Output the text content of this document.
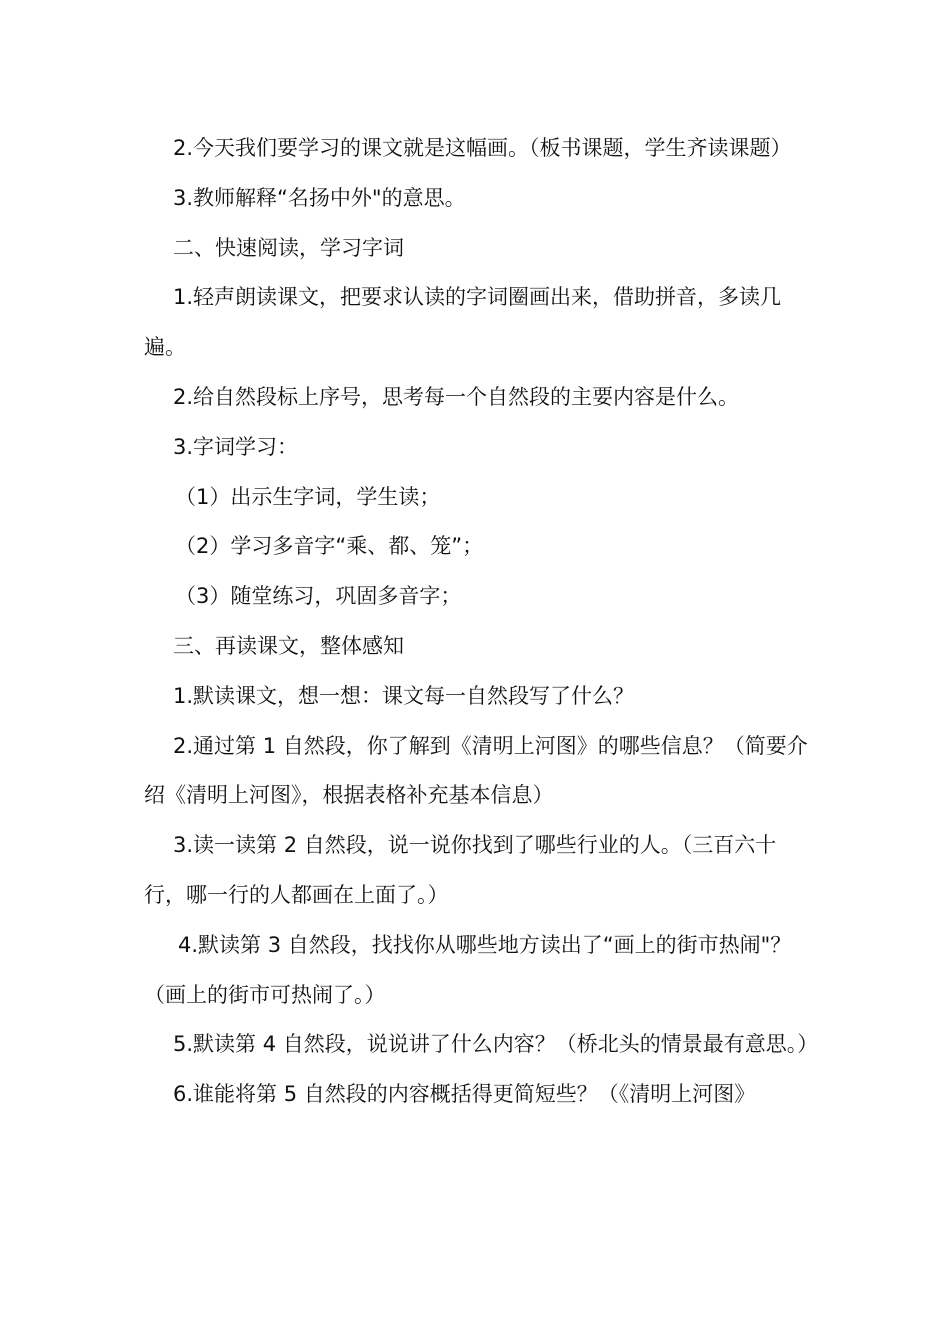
2.今天我们要学习的课文就是这幅画。（板书课题，学生齐读课题）

3.教师解释“名扬中外"的意思。

二、快速阅读，学习字词

1.轻声朗读课文，把要求认读的字词圈画出来，借助拼音，多读几遍。

2.给自然段标上序号，思考每一个自然段的主要内容是什么。

3.字词学习：

（1）出示生字词，学生读；

（2）学习多音字“乘、都、笼”；

（3）随堂练习，巩固多音字；

三、再读课文，整体感知

1.默读课文，想一想：课文每一自然段写了什么？

2.通过第 1 自然段，你了解到《清明上河图》的哪些信息？（简要介绍《清明上河图》，根据表格补充基本信息）

3.读一读第 2 自然段，说一说你找到了哪些行业的人。（三百六十行，哪一行的人都画在上面了。）

4.默读第 3 自然段，找找你从哪些地方读出了“画上的街市热闹"？（画上的街市可热闹了。）

5.默读第 4 自然段，说说讲了什么内容？（桥北头的情景最有意思。）

6.谁能将第 5 自然段的内容概括得更简短些？（《清明上河图》
